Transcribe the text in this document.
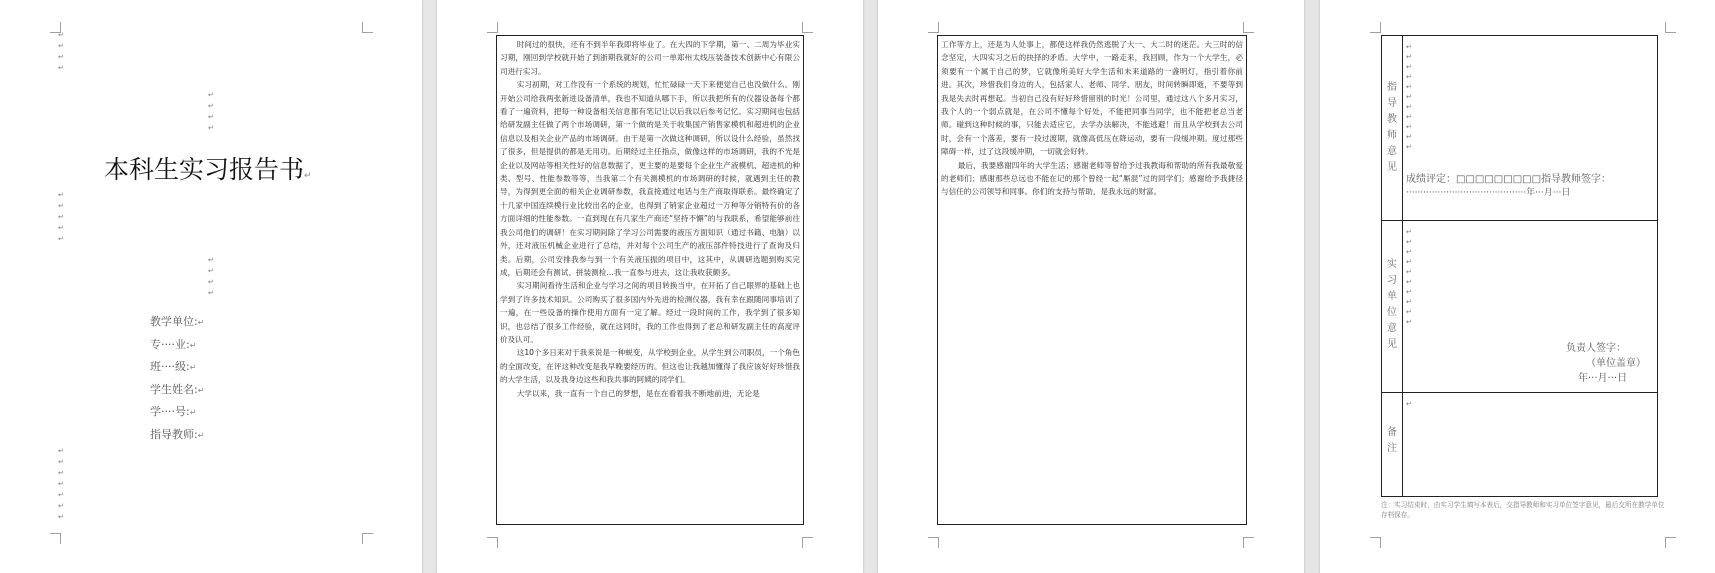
↵
↵
↵
↵
↵
↵
↵
↵
本科生实习报告书↵
↵
↵
↵
↵
↵
↵
↵
↵
↵
教学单位:↵
专····业:↵
班····级:↵
学生姓名:↵
学····号:↵
指导教师:↵
↵
↵
↵
↵
↵
↵
↵

时间过的很快，还有不到半年我即将毕业了。在大四的下学期，第一、二周为毕业实习期，刚回到学校就开始了到浙期我就好的公司一单郑州太线压装备技术创新中心有限公司进行实习。

实习初期，对工作没有一个系统的规划，忙忙碌碌一天下来便觉自己也没做什么。刚开始公司给我两张新进设备清单，我也不知道从哪下手，所以我把所有的仪器设备每个都看了一遍资料，把每一种设备相关信息都有笔记让以后我以后参考记忆。实习期间也包括给研发副主任做了两个市场调研，第一个做的是关于收集国产销售家模机和超进机的企业信息以及相关企业产品的市场调研。由于是第一次做这种调研，所以设什么经验，虽然找了很多，但是提供的都是无用功。后期经过主任指点，做像这样的市场调研，我的不光是企业以及网站等相关性好的信息数据了，更主要的是要每个企业生产液模机、超进机的种类、型号、性能参数等等，当我第二个有关测模机的市场调研的时候，就遇到主任的教导，为得到更全面的相关企业调研参数，我直接通过电话与生产商取得联系。最终确定了十几家中国连续模行业比较出名的企业，也得到了销家企业超过一万种等分销特有价的各方面详细的性能参数。一直到现在有几家生产商还“坚持不懈”的与我联系，希望能够前往我公司他们的调研！在实习期间除了学习公司需要的液压方面知识（通过书籍、电脑）以外，还对液压机械企业进行了总结，并对每个公司生产的液压部件特技进行了查询及归类。后期，公司安排我参与到一个有关液压振的项目中，这其中，从调研选题到购买完成，后期还会有测试、拼装测检…我一直参与进去，这让我收获颇多。

实习期间看待生活和企业与学习之间的项目转换当中，在开拓了自己眼界的基础上也学到了许多技术知识。公司购买了很多国内外先进的检测仪器，我有幸在跟随同事培训了一遍，在一些设备的操作使用方面有一定了解。经过一段时间的工作，我学到了很多知识，也总结了很多工作经验，就在这同时，我的工作也得到了老总和研发副主任的高度评价及认可。

这10个多日来对于我来说是一种蜕变，从学校到企业，从学生到公司职员，一个角色的全面改变，在评这种改变是我早晚要经历的。但这也让我越加懂得了我应该好好珍惜我的大学生活，以及我身边这些和我共事的阿姨的同学们。

大学以来，我一直有一个自己的梦想，是在在看着我不断地前进，无论是

工作等方上，还是为人处事上，都使这样我仍然逃脱了大一、大二时的迷茫。大三时的信念坚定，大四实习之后的抉择的矛盾。大学中，一路走来，我回顾，作为一个大学生，必须要有一个属于自己的梦，它就像所美好大学生活和未来道路的一盏明灯，指引着你前进。其次，珍惜我们身边的人，包括家人、老师、同学、朋友，时间转瞬即逝，不要等到我是失去时再想起。当初自己没有好好珍惜留别的时光！公司里，通过这八个多月实习，我个人的一个弱点就是，在公司不懂每个好处，不能把同事当同学，也不能把老总当老师。碰到这种时候的事，只能去适应它，去学办法解决，不能逃避！而且从学校到去公司时，会有一个落差，要有一段过渡期，就像高低压在降运动，要有一段缓冲期。度过那些障碍一样，过了这段缓冲期，一切就会好转。

最后，我要感谢四年的大学生活；感谢老师等曾给予过我教诲和帮助的所有我最敬爱的老师们；感谢那些总远也不能在记的那个曾经一起“厮混”过的同学们；感谢给予我捷径与信任的公司领导和同事。你们的支持与帮助，是我永远的财富。

指导教师意见
↵
↵
↵
↵
↵
↵
↵
↵
↵
↵
↵
成绩评定：□□□□□□□□□指导教师签字：
··········································年···月···日
实习单位意见
↵
↵
↵
↵
↵
↵
↵
↵
↵
↵
负责人签字：
（单位盖章）
年···月···日
备注
↵
注：实习结束时，由实习学生填写本表后，交指导教师和实习单位签字意见，最后交所在教学单位存档保存。
